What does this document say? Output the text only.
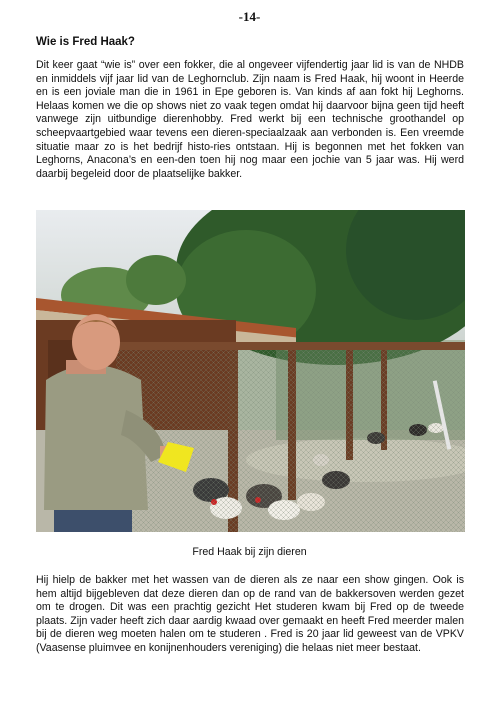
-14-
Wie is Fred Haak?

Dit keer gaat “wie is” over een fokker, die al ongeveer vijfendertig jaar lid is van de NHDB en inmiddels vijf jaar lid van de Leghornclub. Zijn naam is Fred Haak, hij woont in Heerde en is een joviale man die in 1961 in Epe geboren is. Van kinds af aan fokt hij Leghorns. Helaas komen we die op shows niet zo vaak tegen omdat hij daarvoor bijna geen tijd heeft vanwege zijn uitbundige dierenhobby. Fred werkt bij een technische groothandel op scheepvaartgebied waar tevens een dieren-speciaalzaak aan verbonden is. Een vreemde situatie maar zo is het bedrijf histo-ries ontstaan. Hij is begonnen met het fokken van Leghorns, Anacona’s en een-den toen hij nog maar een jochie van 5 jaar was. Hij werd daarbij begeleid door de plaatselijke bakker.

Fred Haak bij zijn dieren

Hij hielp de bakker met het wassen van de dieren als ze naar een show gingen. Ook is hem altijd bijgebleven dat deze dieren dan op de rand van de bakkersoven werden gezet om te drogen. Dit was een prachtig gezicht Het studeren kwam bij Fred op de tweede plaats. Zijn vader heeft zich daar aardig kwaad over gemaakt en heeft Fred meerder malen bij de dieren weg moeten halen om te studeren . Fred is 20 jaar lid geweest van de VPKV (Vaasense pluimvee en konijnenhouders vereniging) die helaas niet meer bestaat.
